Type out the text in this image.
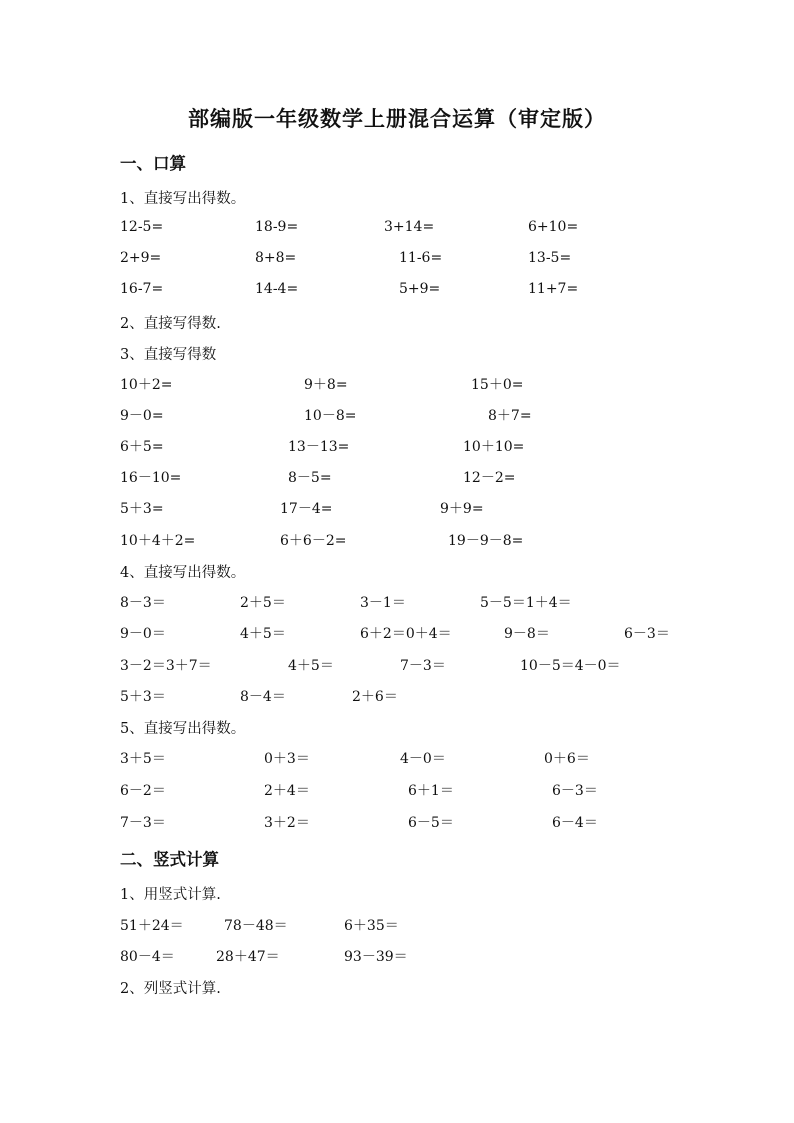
部编版一年级数学上册混合运算（审定版）
一、口算
1、直接写出得数。
12-5=	18-9=	3+14=	6+10=
2+9=	8+8=	11-6=	13-5=
16-7=	14-4=	5+9=	11+7=
2、直接写得数.
3、直接写得数
10＋2=	9＋8=	15＋0=
9－0=	10－8=	8＋7=
6＋5=	13－13=	10＋10=
16－10=	8－5=	12－2=
5＋3=	17－4=	9＋9=
10＋4＋2=	6＋6－2=	19－9－8=
4、直接写出得数。
8－3＝	2＋5＝	3－1＝	5－5＝1＋4＝
9－0＝	4＋5＝	6＋2＝0＋4＝	9－8＝	6－3＝
3－2＝3＋7＝	4＋5＝	7－3＝	10－5＝4－0＝
5＋3＝	8－4＝	2＋6＝
5、直接写出得数。
3＋5＝	0＋3＝	4－0＝	0＋6＝
6－2＝	2＋4＝	6＋1＝	6－3＝
7－3＝	3＋2＝	6－5＝	6－4＝
二、竖式计算
1、用竖式计算.
51＋24＝	78－48＝	6＋35＝
80－4＝	28＋47＝	93－39＝
2、列竖式计算.
